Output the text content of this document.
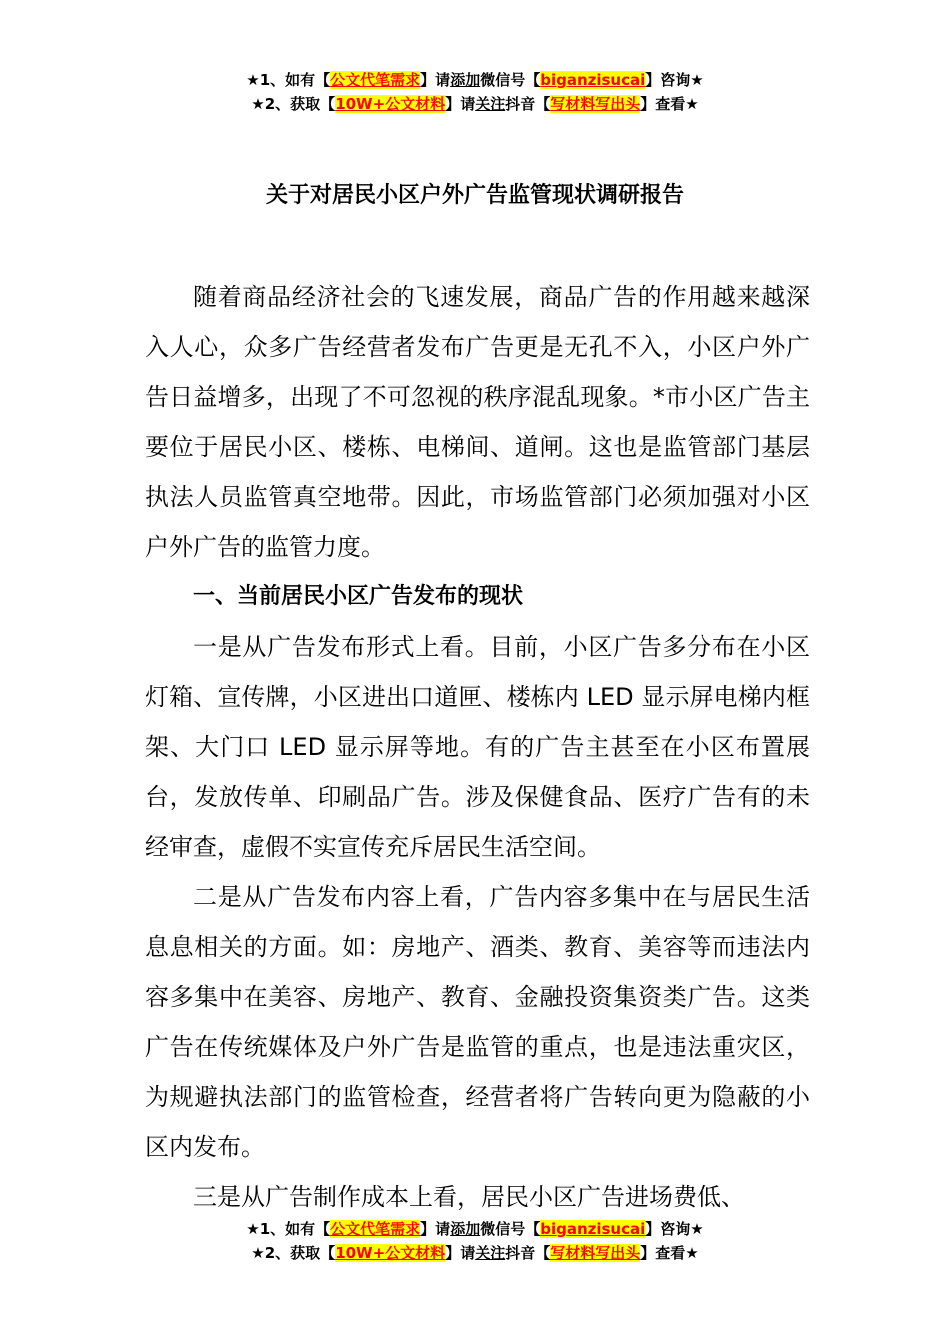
★1、如有【公文代笔需求】请添加微信号【biganzisucai】咨询★
★2、获取【10W+公文材料】请关注抖音【写材料写出头】查看★
关于对居民小区户外广告监管现状调研报告

随着商品经济社会的飞速发展，商品广告的作用越来越深入人心，众多广告经营者发布广告更是无孔不入，小区户外广告日益增多，出现了不可忽视的秩序混乱现象。*市小区广告主要位于居民小区、楼栋、电梯间、道闸。这也是监管部门基层执法人员监管真空地带。因此，市场监管部门必须加强对小区户外广告的监管力度。

一、当前居民小区广告发布的现状

一是从广告发布形式上看。目前，小区广告多分布在小区灯箱、宣传牌，小区进出口道匣、楼栋内 LED 显示屏电梯内框架、大门口 LED 显示屏等地。有的广告主甚至在小区布置展台，发放传单、印刷品广告。涉及保健食品、医疗广告有的未经审查，虚假不实宣传充斥居民生活空间。

二是从广告发布内容上看，广告内容多集中在与居民生活息息相关的方面。如：房地产、酒类、教育、美容等而违法内容多集中在美容、房地产、教育、金融投资集资类广告。这类广告在传统媒体及户外广告是监管的重点，也是违法重灾区，为规避执法部门的监管检查，经营者将广告转向更为隐蔽的小区内发布。

三是从广告制作成本上看，居民小区广告进场费低、

★1、如有【公文代笔需求】请添加微信号【biganzisucai】咨询★
★2、获取【10W+公文材料】请关注抖音【写材料写出头】查看★
